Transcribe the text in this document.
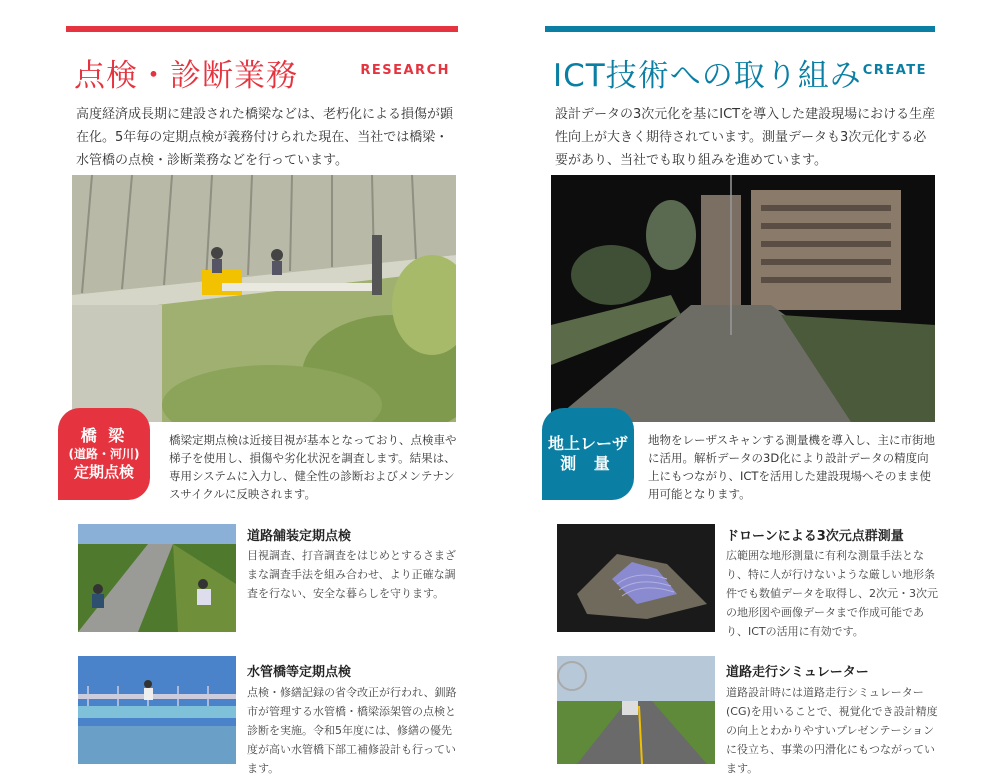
点検・診断業務	RESEARCH

高度経済成長期に建設された橋梁などは、老朽化による損傷が顕在化。5年毎の定期点検が義務付けられた現在、当社では橋梁・水管橋の点検・診断業務などを行っています。

橋 梁
(道路・河川)
定期点検

橋梁定期点検は近接目視が基本となっており、点検車や梯子を使用し、損傷や劣化状況を調査します。結果は、専用システムに入力し、健全性の診断およびメンテナンスサイクルに反映されます。

道路舗装定期点検

目視調査、打音調査をはじめとするさまざまな調査手法を組み合わせ、より正確な調査を行ない、安全な暮らしを守ります。

水管橋等定期点検

点検・修繕記録の省令改正が行われ、釧路市が管理する水管橋・橋梁添架管の点検と診断を実施。令和5年度には、修繕の優先度が高い水管橋下部工補修設計も行っています。

ICT技術への取り組み CREATE

設計データの3次元化を基にICTを導入した建設現場における生産性向上が大きく期待されています。測量データも3次元化する必要があり、当社でも取り組みを進めています。

地上レーザ
測 量

地物をレーザスキャンする測量機を導入し、主に市街地に活用。解析データの3D化により設計データの精度向上にもつながり、ICTを活用した建設現場へそのまま使用可能となります。

ドローンによる3次元点群測量

広範囲な地形測量に有利な測量手法となり、特に人が行けないような厳しい地形条件でも数値データを取得し、2次元・3次元の地形図や画像データまで作成可能であり、ICTの活用に有効です。

道路走行シミュレーター

道路設計時には道路走行シミュレーター(CG)を用いることで、視覚化でき設計精度の向上とわかりやすいプレゼンテーションに役立ち、事業の円滑化にもつながっています。
